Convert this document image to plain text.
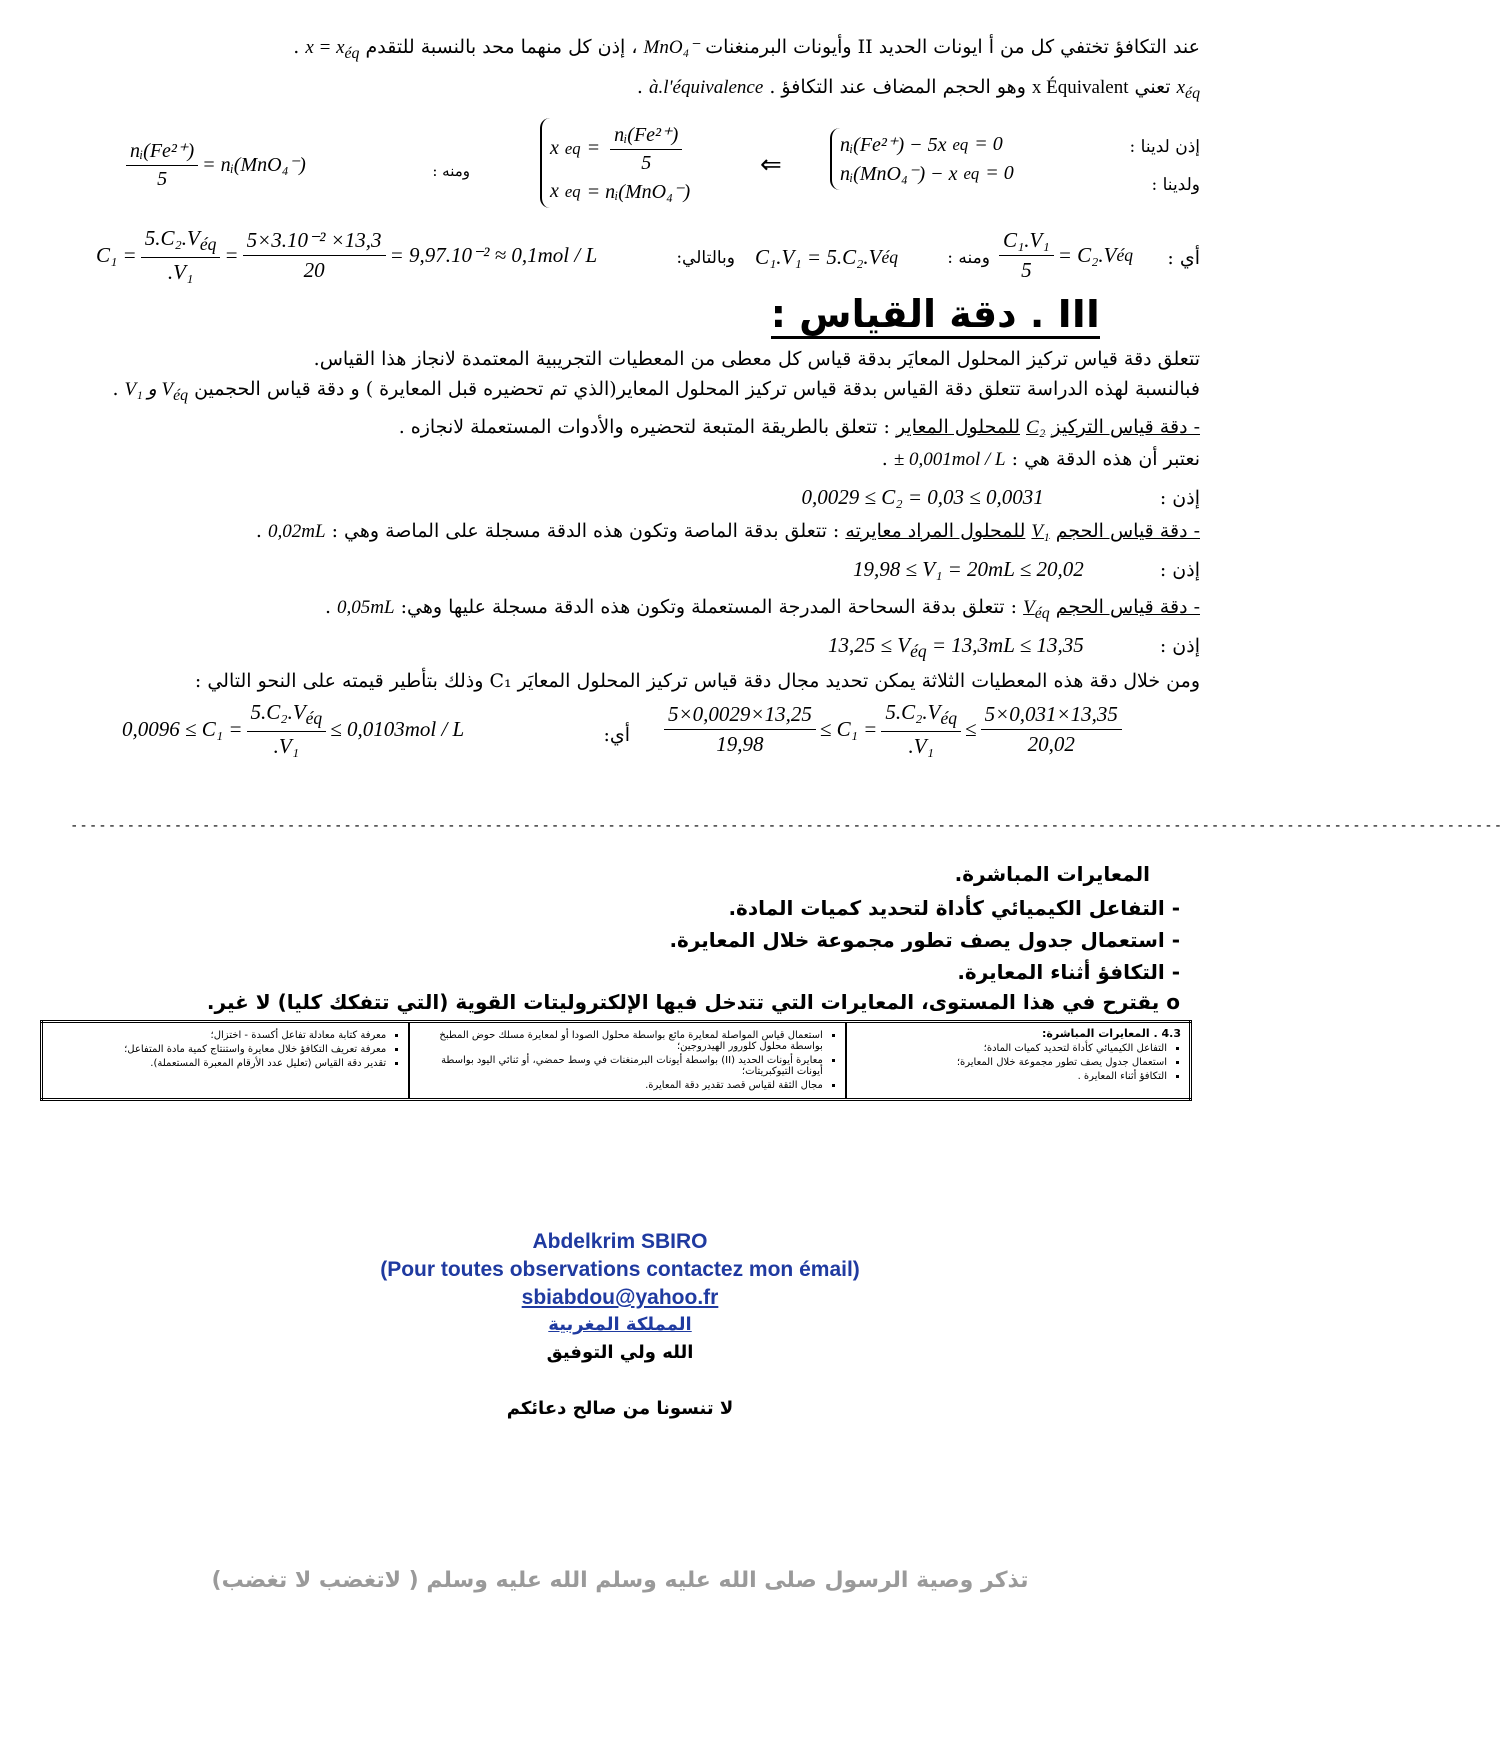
عند التكافؤ تختفي كل من أ ايونات الحديد II وأيونات البرمنغنات MnO₄⁻ ، إذن كل منهما محد بالنسبة للتقدم $x = x_{éq}$ .
$x_{éq}$ تعني x Équivalent وهو الحجم المضاف عند التكافؤ . à.l'équivalence .
إذن لدينا :
ولدينا :
nᵢ(Fe²⁺) − 5x eq = 0
nᵢ(MnO₄⁻) − x eq = 0
⇐
x eq = $\frac{\text{nᵢ(Fe²⁺)}}{5}$
x eq = nᵢ(MnO₄⁻)
ومنه :
$\frac{\text{nᵢ(Fe²⁺)}}{5}$ = nᵢ(MnO₄⁻)
أي :
$\frac{\text{C₁.V₁}}{5} = C_2.V$ éq
ومنه :
C₁.V₁ = 5.C₂.V éq
وبالتالي:
$C_1 = \frac{5.C_2.V_{éq}}{\text{.V₁}} = \frac{\text{5×3.10⁻² ×13,3}}{20} = 9,97.10^{-2} \approx 0,1mol / L$
III . دقة القياس :
تتعلق دقة قياس تركيز المحلول المعايَر بدقة قياس كل معطى من المعطيات التجريبية المعتمدة لانجاز هذا القياس.
فبالنسبة لهذه الدراسة تتعلق دقة القياس بدقة قياس تركيز المحلول المعاير(الذي تم تحضيره قبل المعايرة ) و دقة قياس الحجمين V₁ و $V_{éq}$ .
- دقة قياس التركيز C₂ للمحلول المعاير : تتعلق بالطريقة المتبعة لتحضيره والأدوات المستعملة لانجازه .
نعتبر أن هذه الدقة هي : ± 0,001mol / L .
إذن : 0,0029 ≤ C₂ = 0,03 ≤ 0,0031
- دقة قياس الحجم V₁ للمحلول المراد معايرته : تتعلق بدقة الماصة وتكون هذه الدقة مسجلة على الماصة وهي : 0,02mL .
إذن : 19,98 ≤ V₁ = 20mL ≤ 20,02
- دقة قياس الحجم $V_{éq}$ : تتعلق بدقة السحاحة المدرجة المستعملة وتكون هذه الدقة مسجلة عليها وهي: 0,05mL .
إذن : $13,25 \le V_{éq} = 13,3mL \le 13,35$
ومن خلال دقة هذه المعطيات الثلاثة يمكن تحديد مجال دقة قياس تركيز المحلول المعايَر C₁ وذلك بتأطير قيمته على النحو التالي :
$\frac{5\times 0,0029\times 13,25}{19,98} \le C_1 = \frac{5.C_2.V_{éq}}{\text{.V₁}} \le \frac{5\times 0,031\times 13,35}{20,02}$
أي:
$0,0096 \le C_1 = \frac{5.C_2.V_{éq}}{\text{.V₁}} \le 0,0103mol / L$
--------------------------------------------------------------------------------------------------------------------------------------------------------
المعايرات المباشرة.
- التفاعل الكيميائي كأداة لتحديد كميات المادة.
- استعمال جدول يصف تطور مجموعة خلال المعايرة.
- التكافؤ أثناء المعايرة.
o يقترح في هذا المستوى، المعايرات التي تتدخل فيها الإلكتروليتات القوية (التي تتفكك كليا) لا غير.
4.3 . المعايرات المباشرة:
▪ التفاعل الكيميائي كأداة لتحديد كميات المادة؛
▪ استعمال جدول يصف تطور مجموعة خلال المعايرة؛
▪ التكافؤ أثناء المعايرة .

▪ استعمال قياس المواصلة لمعايرة مائع بواسطة محلول الصودا أو لمعايرة مسلك حوض المطبخ بواسطة محلول كلورور الهيدروجين؛
▪ معايرة أيونات الحديد (II) بواسطة أيونات البرمنغنات في وسط حمضي، أو ثنائي اليود بواسطة أيونات التيوكبريتات؛
▪ مجال الثقة لقياس قصد تقدير دقة المعايرة.

▪ معرفة كتابة معادلة تفاعل أكسدة - اختزال؛
▪ معرفة تعريف التكافؤ خلال معايرة واستنتاج كمية مادة المتفاعل؛
▪ تقدير دقة القياس (تعليل عدد الأرقام المعبرة المستعملة).
Abdelkrim SBIRO
(Pour toutes observations contactez mon émail)
sbiabdou@yahoo.fr
المملكة المغربية
الله ولي التوفيق
لا تنسونا من صالح دعائكم
تذكر وصية الرسول صلى الله عليه وسلم الله عليه وسلم ( لاتغضب لا تغضب)
